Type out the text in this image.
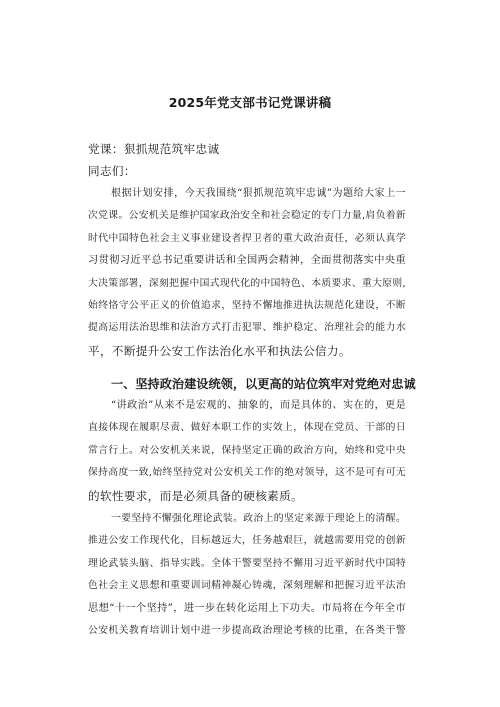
2025年党支部书记党课讲稿
党课：狠抓规范筑牢忠诚
同志们：
根据计划安排，今天我围绕“狠抓规范筑牢忠诚”为题给大家上一
次党课。公安机关是维护国家政治安全和社会稳定的专门力量,肩负着新
时代中国特色社会主义事业建设者捍卫者的重大政治责任，必须认真学
习贯彻习近平总书记重要讲话和全国两会精神，全面贯彻落实中央重
大决策部署，深刻把握中国式现代化的中国特色、本质要求、重大原则,
始终恪守公平正义的价值追求，坚持不懈地推进执法规范化建设，不断
提高运用法治思维和法治方式打击犯罪、维护稳定、治理社会的能力水
平，不断提升公安工作法治化水平和执法公信力。
一、坚持政治建设统领，以更高的站位筑牢对党绝对忠诚
“讲政治”从来不是宏观的、抽象的，而是具体的、实在的，更是
直接体现在履职尽责、做好本职工作的实效上，体现在党员、干部的日
常言行上。对公安机关来说，保持坚定正确的政治方向，始终和党中央
保持高度一致,始终坚持党对公安机关工作的绝对领导，这不是可有可无
的软性要求，而是必须具备的硬核素质。
一要坚持不懈强化理论武装。政治上的坚定来源于理论上的清醒。
推进公安工作现代化，目标越远大，任务越艰巨，就越需要用党的创新
理论武装头脑、指导实践。全体干警要坚持不懈用习近平新时代中国特
色社会主义思想和重要训词精神凝心铸魂，深刻理解和把握习近平法治
思想“十一个坚持”，进一步在转化运用上下功夫。市局将在今年全市
公安机关教育培训计划中进一步提高政治理论考核的比重，在各类干警
